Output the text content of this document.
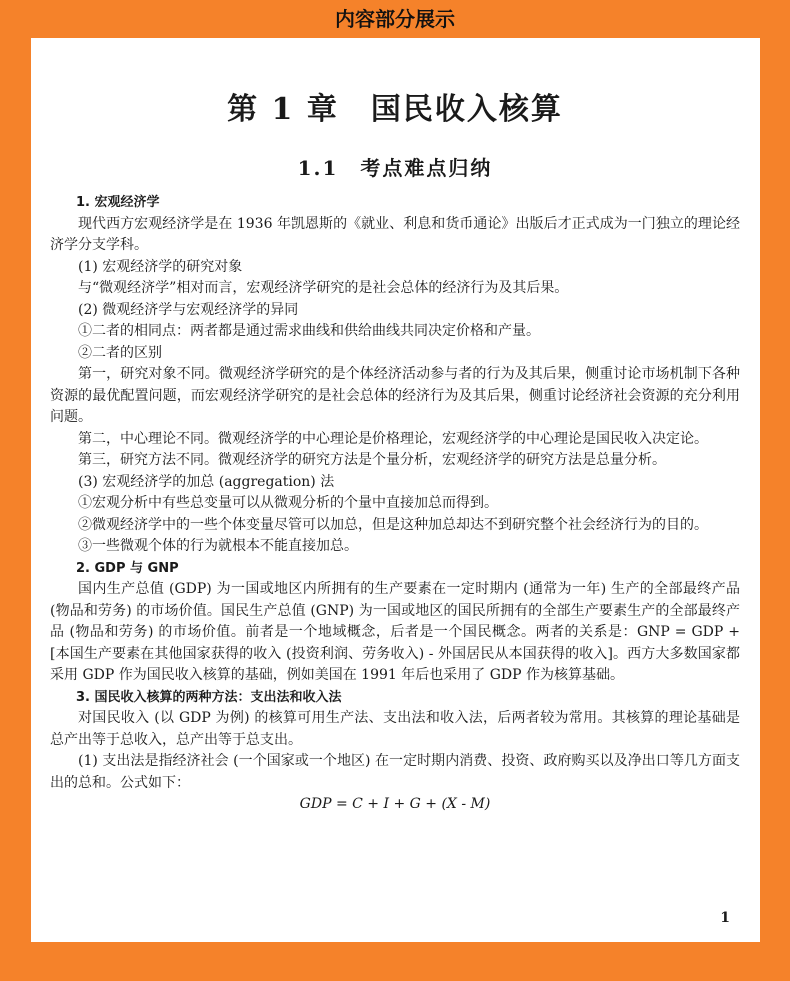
内容部分展示
第 1 章　国民收入核算
1.1　考点难点归纳

1. 宏观经济学

现代西方宏观经济学是在 1936 年凯恩斯的《就业、利息和货币通论》出版后才正式成为一门独立的理论经济学分支学科。

(1) 宏观经济学的研究对象

与“微观经济学”相对而言，宏观经济学研究的是社会总体的经济行为及其后果。

(2) 微观经济学与宏观经济学的异同

①二者的相同点：两者都是通过需求曲线和供给曲线共同决定价格和产量。

②二者的区别

第一，研究对象不同。微观经济学研究的是个体经济活动参与者的行为及其后果，侧重讨论市场机制下各种资源的最优配置问题，而宏观经济学研究的是社会总体的经济行为及其后果，侧重讨论经济社会资源的充分利用问题。

第二，中心理论不同。微观经济学的中心理论是价格理论，宏观经济学的中心理论是国民收入决定论。

第三，研究方法不同。微观经济学的研究方法是个量分析，宏观经济学的研究方法是总量分析。

(3) 宏观经济学的加总 (aggregation) 法

①宏观分析中有些总变量可以从微观分析的个量中直接加总而得到。

②微观经济学中的一些个体变量尽管可以加总，但是这种加总却达不到研究整个社会经济行为的目的。

③一些微观个体的行为就根本不能直接加总。

2. GDP 与 GNP

国内生产总值 (GDP) 为一国或地区内所拥有的生产要素在一定时期内 (通常为一年) 生产的全部最终产品 (物品和劳务) 的市场价值。国民生产总值 (GNP) 为一国或地区的国民所拥有的全部生产要素生产的全部最终产品 (物品和劳务) 的市场价值。前者是一个地域概念，后者是一个国民概念。两者的关系是：GNP = GDP + [本国生产要素在其他国家获得的收入 (投资利润、劳务收入) - 外国居民从本国获得的收入]。西方大多数国家都采用 GDP 作为国民收入核算的基础，例如美国在 1991 年后也采用了 GDP 作为核算基础。

3. 国民收入核算的两种方法：支出法和收入法

对国民收入 (以 GDP 为例) 的核算可用生产法、支出法和收入法，后两者较为常用。其核算的理论基础是总产出等于总收入，总产出等于总支出。

(1) 支出法是指经济社会 (一个国家或一个地区) 在一定时期内消费、投资、政府购买以及净出口等几方面支出的总和。公式如下：

GDP = C + I + G + (X - M)

1
